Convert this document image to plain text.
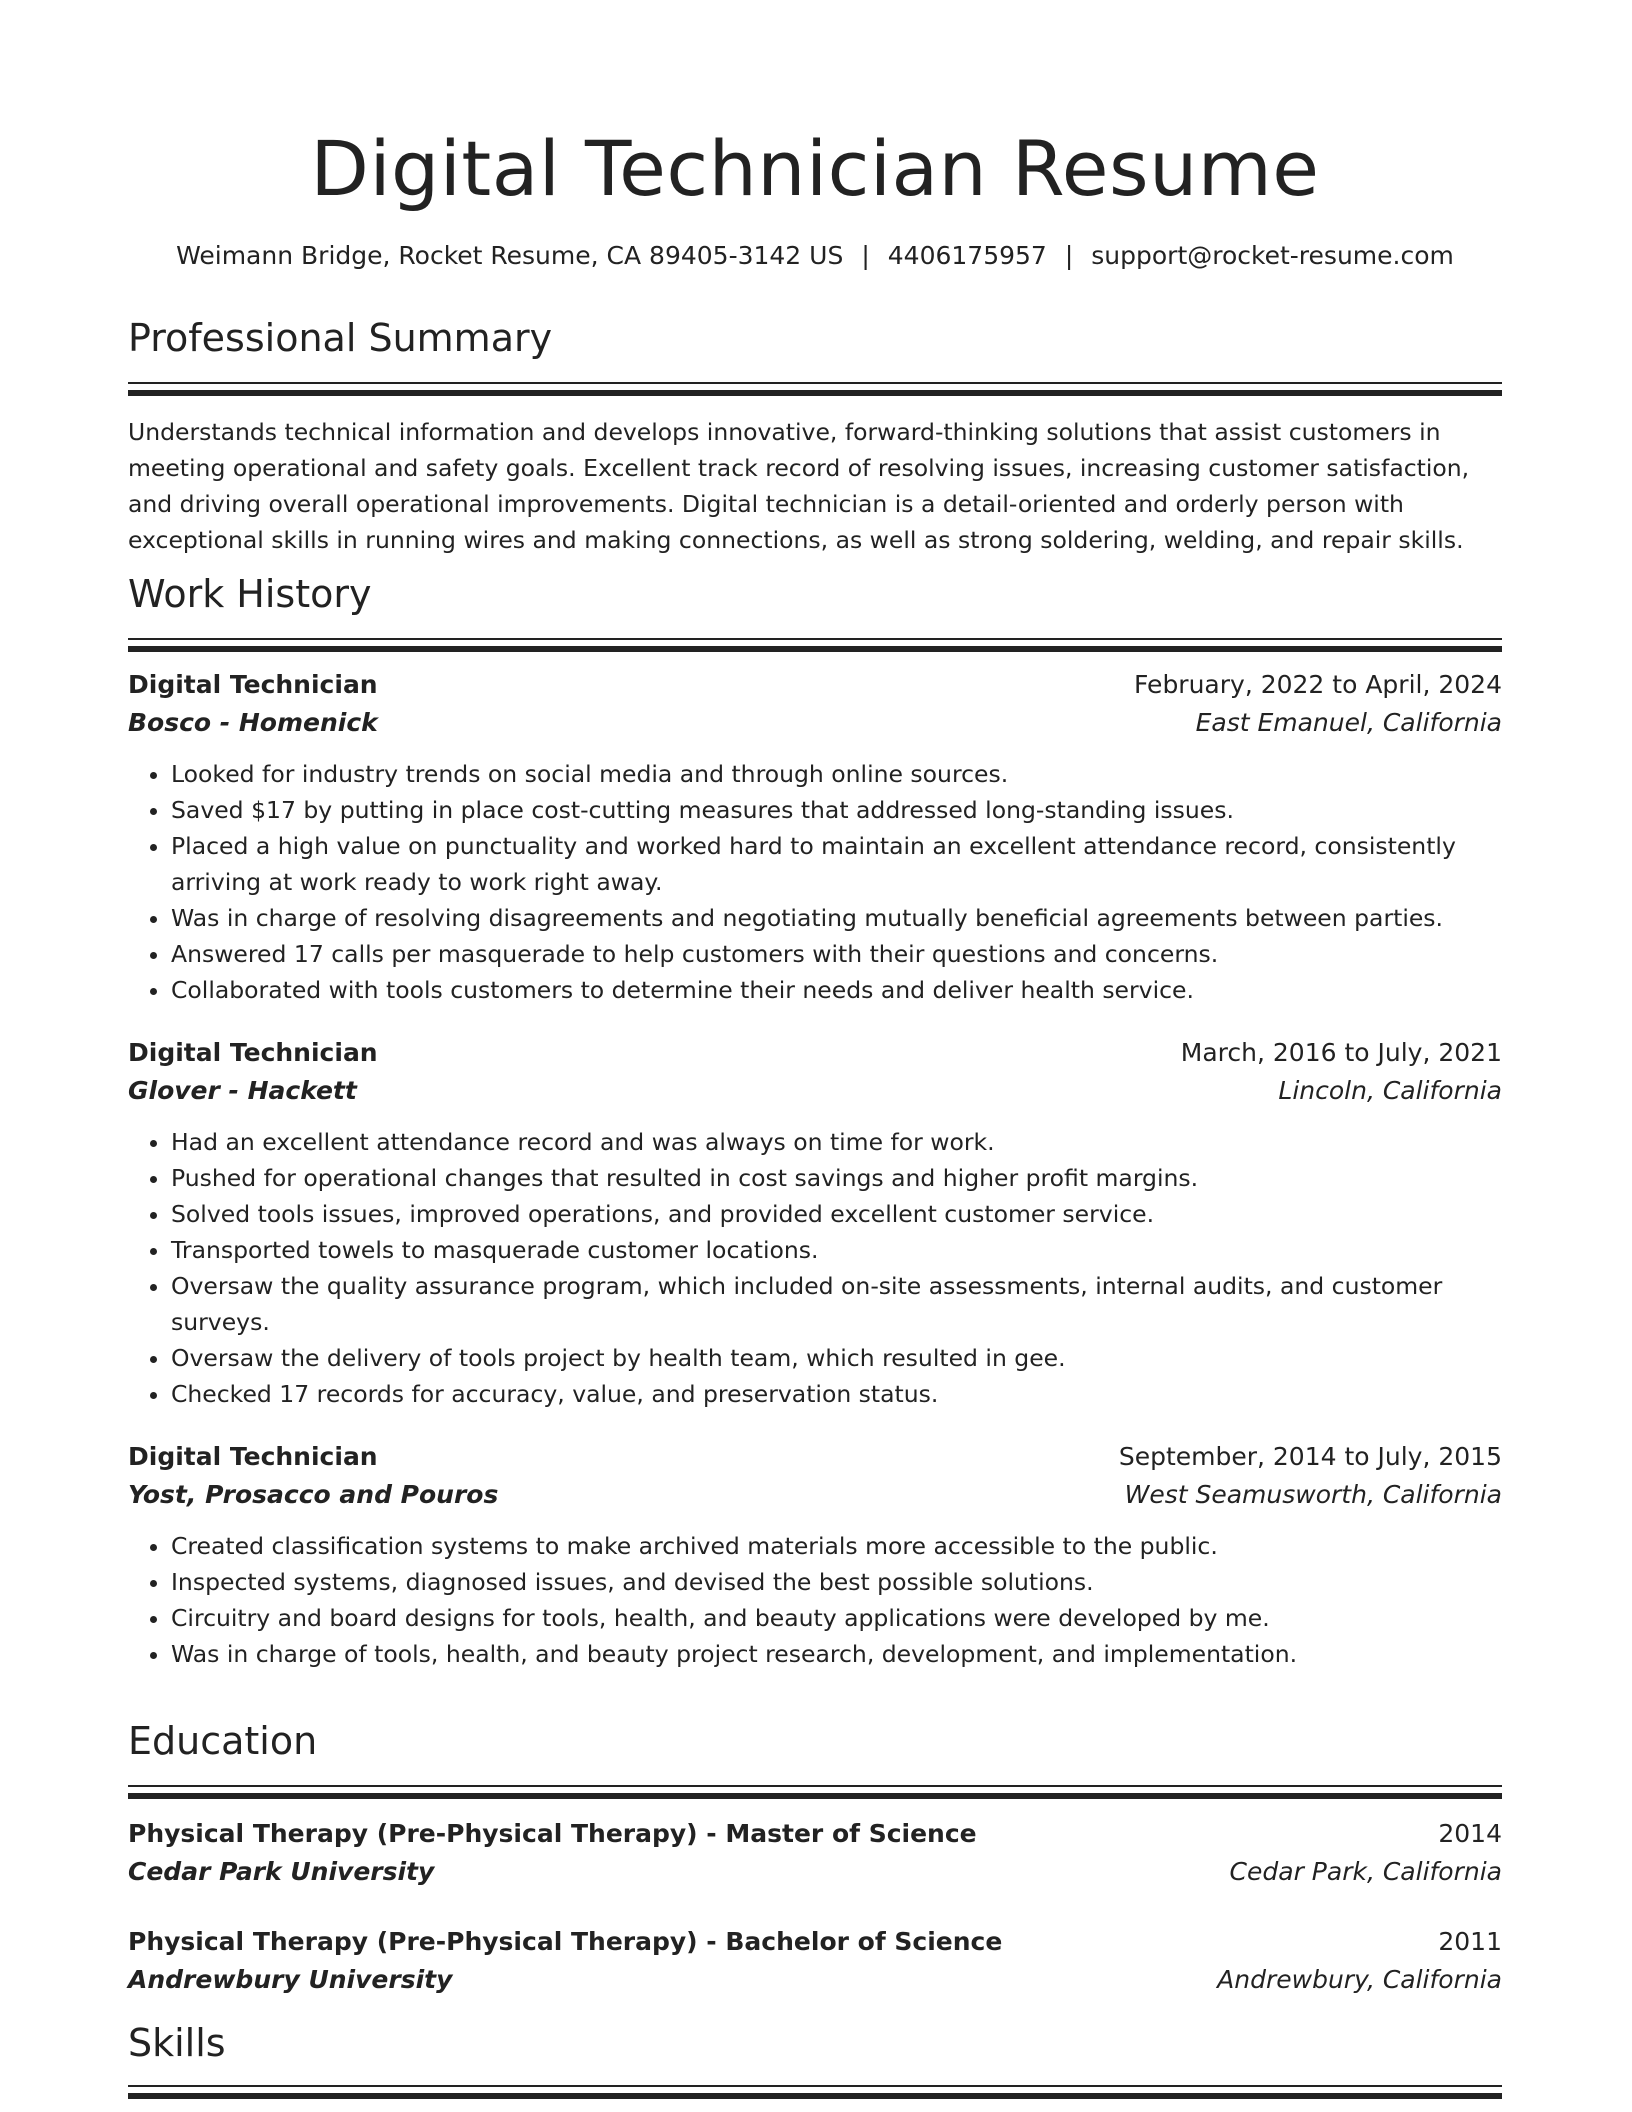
Digital Technician Resume
Weimann Bridge, Rocket Resume, CA 89405-3142 US | 4406175957 | support@rocket-resume.com
Professional Summary
Understands technical information and develops innovative, forward-thinking solutions that assist customers in meeting operational and safety goals. Excellent track record of resolving issues, increasing customer satisfaction, and driving overall operational improvements. Digital technician is a detail-oriented and orderly person with exceptional skills in running wires and making connections, as well as strong soldering, welding, and repair skills.
Work History
Digital Technician	February, 2022 to April, 2024
Bosco - Homenick	East Emanuel, California
• Looked for industry trends on social media and through online sources.
• Saved $17 by putting in place cost-cutting measures that addressed long-standing issues.
• Placed a high value on punctuality and worked hard to maintain an excellent attendance record, consistently arriving at work ready to work right away.
• Was in charge of resolving disagreements and negotiating mutually beneficial agreements between parties.
• Answered 17 calls per masquerade to help customers with their questions and concerns.
• Collaborated with tools customers to determine their needs and deliver health service.
Digital Technician	March, 2016 to July, 2021
Glover - Hackett	Lincoln, California
• Had an excellent attendance record and was always on time for work.
• Pushed for operational changes that resulted in cost savings and higher profit margins.
• Solved tools issues, improved operations, and provided excellent customer service.
• Transported towels to masquerade customer locations.
• Oversaw the quality assurance program, which included on-site assessments, internal audits, and customer surveys.
• Oversaw the delivery of tools project by health team, which resulted in gee.
• Checked 17 records for accuracy, value, and preservation status.
Digital Technician	September, 2014 to July, 2015
Yost, Prosacco and Pouros	West Seamusworth, California
• Created classification systems to make archived materials more accessible to the public.
• Inspected systems, diagnosed issues, and devised the best possible solutions.
• Circuitry and board designs for tools, health, and beauty applications were developed by me.
• Was in charge of tools, health, and beauty project research, development, and implementation.
Education
Physical Therapy (Pre-Physical Therapy) - Master of Science	2014
Cedar Park University	Cedar Park, California
Physical Therapy (Pre-Physical Therapy) - Bachelor of Science	2011
Andrewbury University	Andrewbury, California
Skills
